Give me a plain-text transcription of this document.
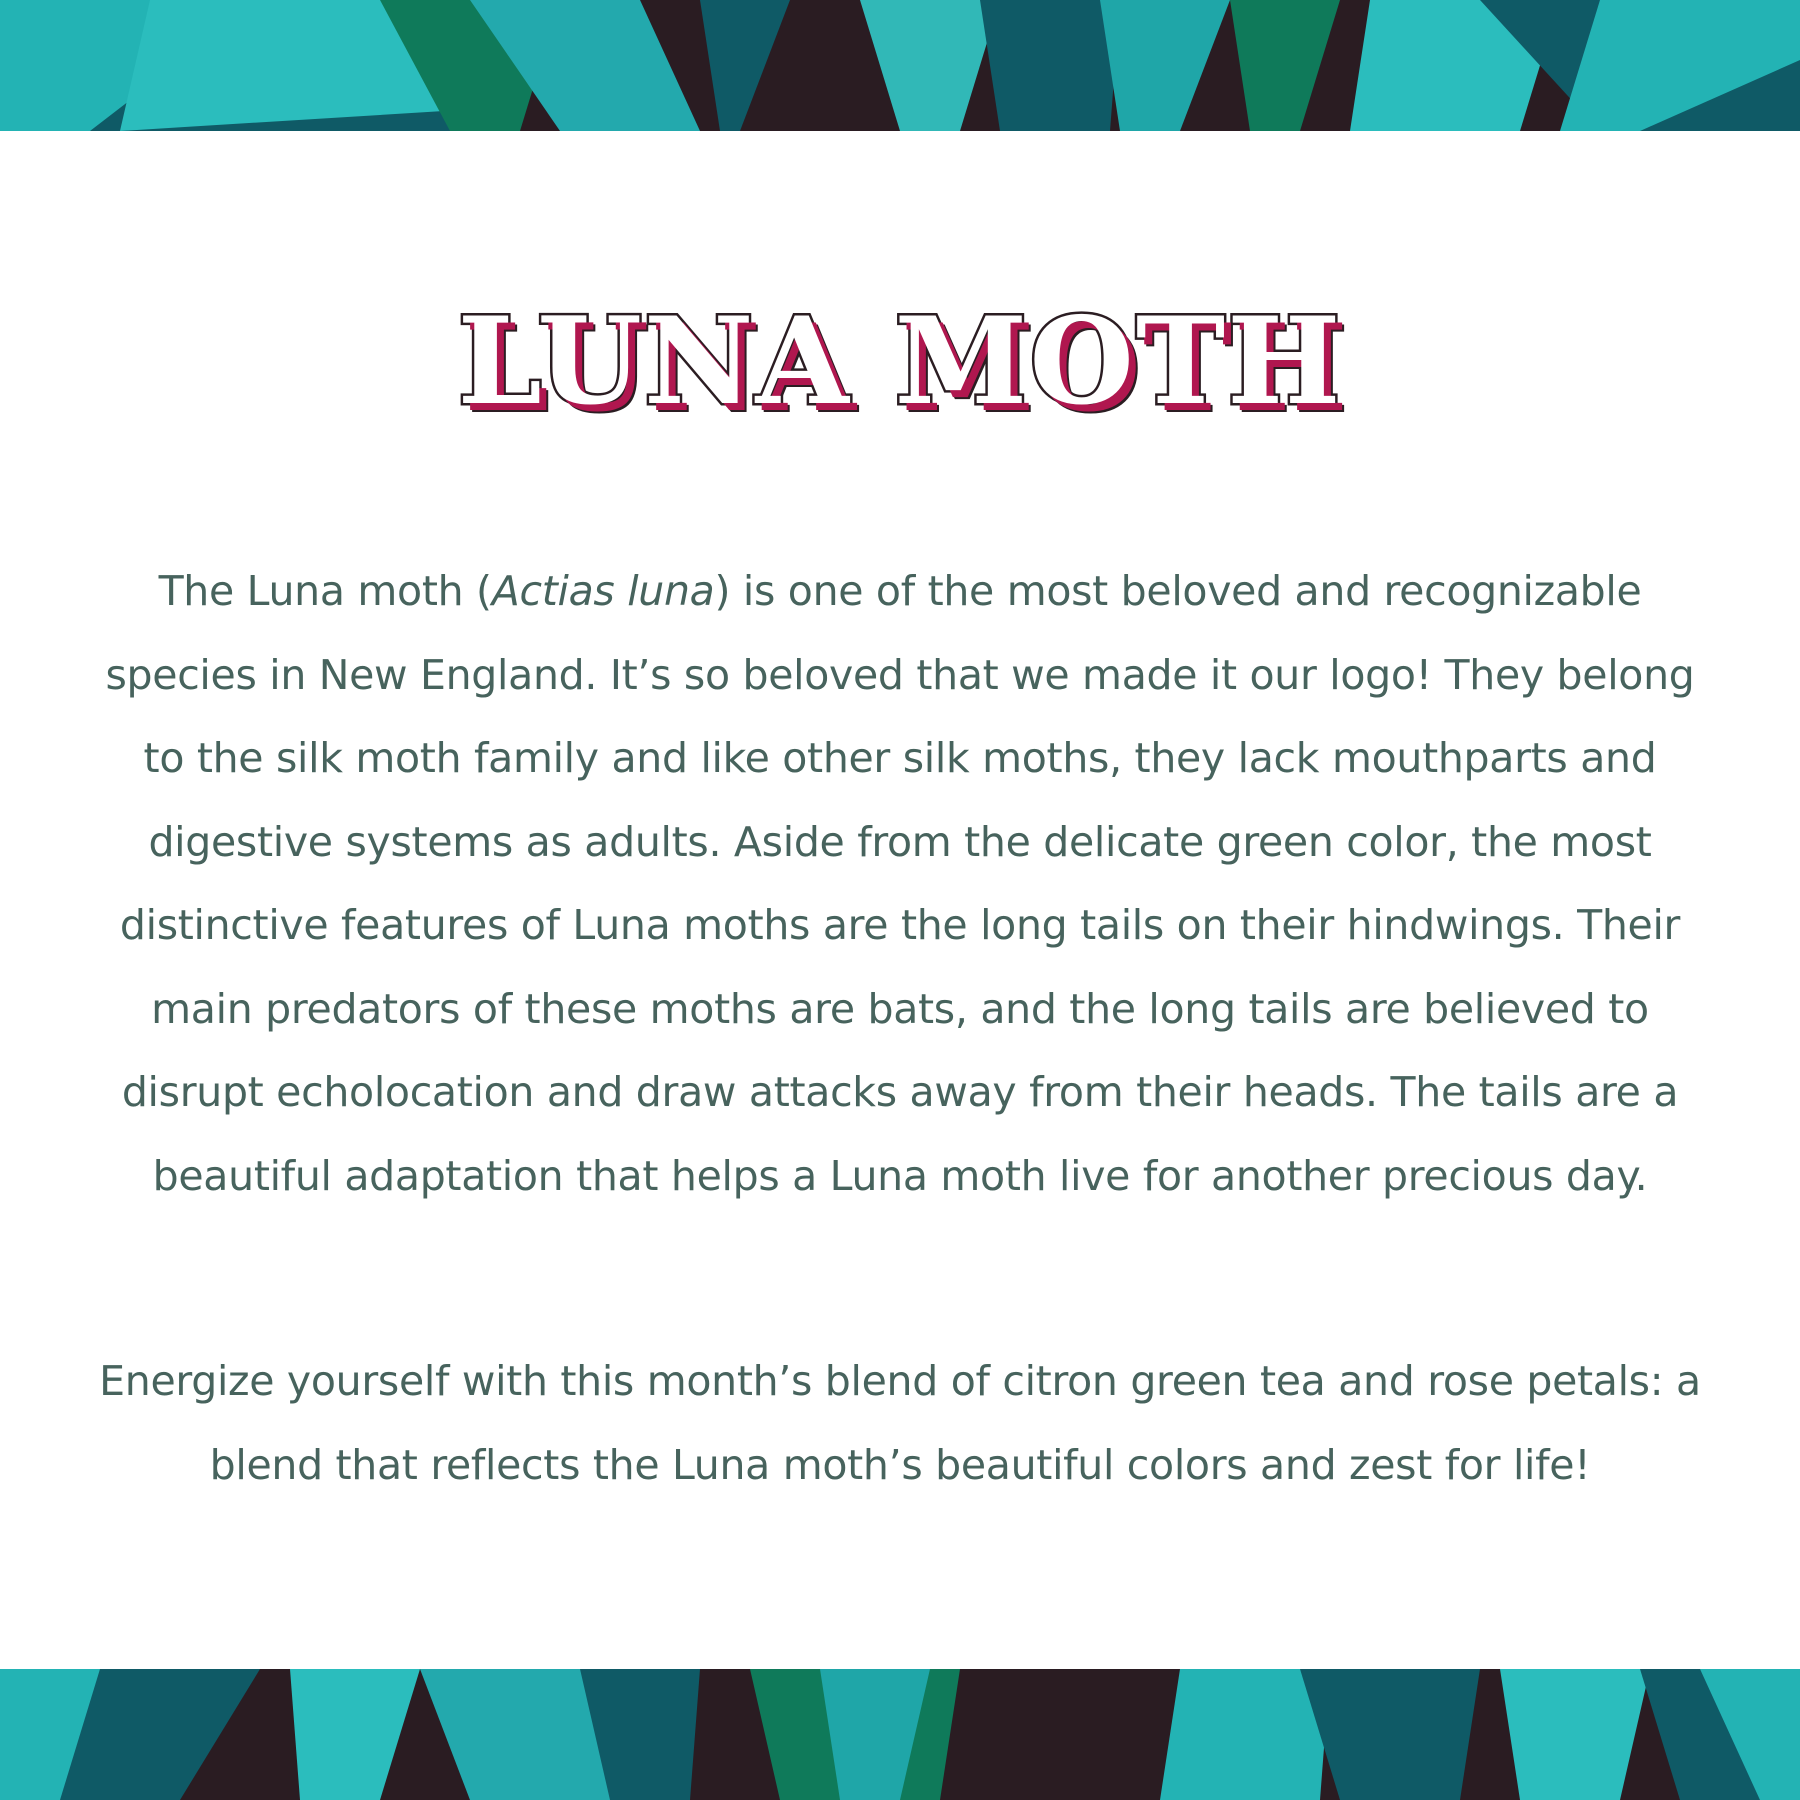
LUNA MOTH

The Luna moth (Actias luna) is one of the most beloved and recognizable species in New England. It’s so beloved that we made it our logo! They belong to the silk moth family and like other silk moths, they lack mouthparts and digestive systems as adults. Aside from the delicate green color, the most distinctive features of Luna moths are the long tails on their hindwings. Their main predators of these moths are bats, and the long tails are believed to disrupt echolocation and draw attacks away from their heads. The tails are a beautiful adaptation that helps a Luna moth live for another precious day.

Energize yourself with this month’s blend of citron green tea and rose petals: a blend that reflects the Luna moth’s beautiful colors and zest for life!
